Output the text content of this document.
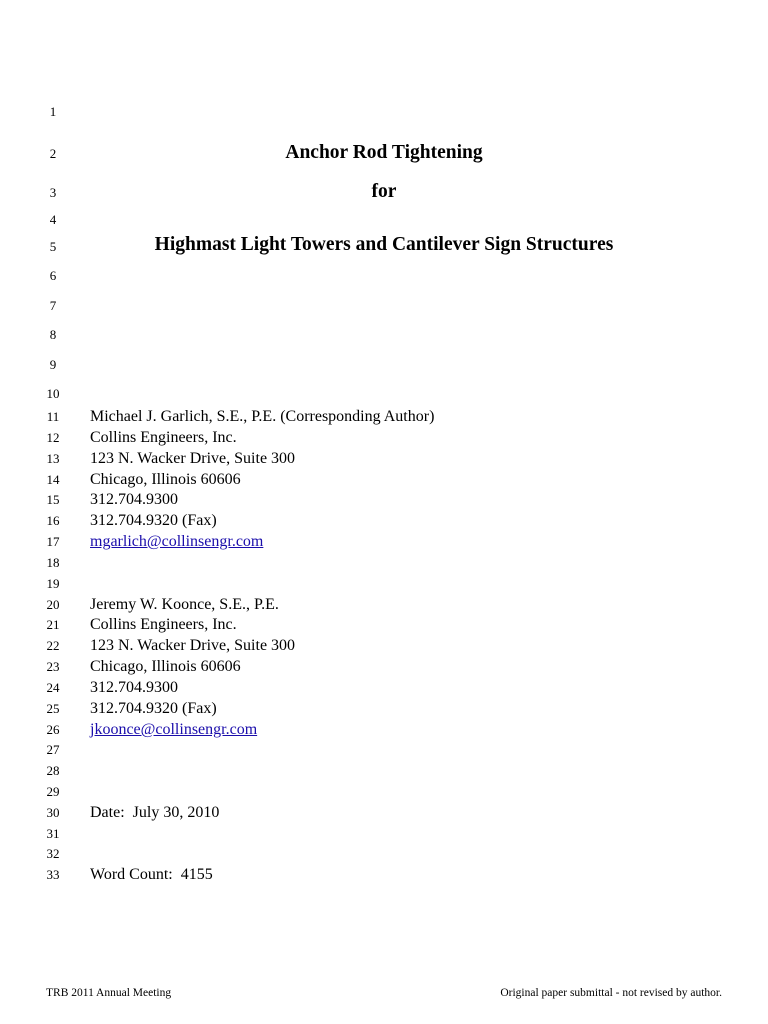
1
2
3
4
5
6
7
8
9
10
11
12
13
14
15
16
17
18
19
20
21
22
23
24
25
26
27
28
29
30
31
32
33
Anchor Rod Tightening
for
Highmast Light Towers and Cantilever Sign Structures
Michael J. Garlich, S.E., P.E. (Corresponding Author)
Collins Engineers, Inc.
123 N. Wacker Drive, Suite 300
Chicago, Illinois 60606
312.704.9300
312.704.9320 (Fax)
mgarlich@collinsengr.com
Jeremy W. Koonce, S.E., P.E.
Collins Engineers, Inc.
123 N. Wacker Drive, Suite 300
Chicago, Illinois 60606
312.704.9300
312.704.9320 (Fax)
jkoonce@collinsengr.com
Date:  July 30, 2010
Word Count:  4155
TRB 2011 Annual Meeting	Original paper submittal - not revised by author.
